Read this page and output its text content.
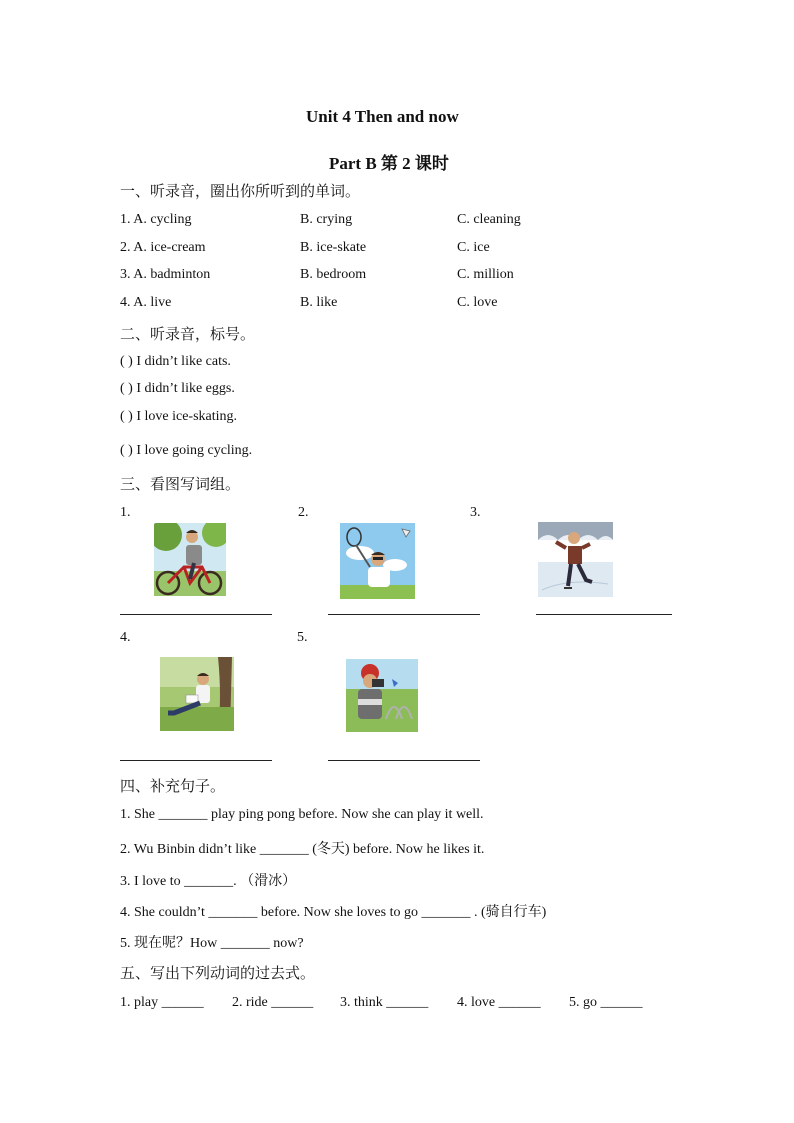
Unit 4 Then and now
Part B 第 2 课时
一、听录音，圈出你所听到的单词。
1. A. cycling	B. crying	C. cleaning
2. A. ice-cream	B. ice-skate	C. ice
3. A. badminton	B. bedroom	C. million
4. A. live	B. like	C. love
二、听录音，标号。
( ) I didn’t like cats.
( ) I didn’t like eggs.
( ) I love ice-skating.
( ) I love going cycling.
三、看图写词组。
1.	2.	3.
4.	5.
四、补充句子。
1. She _______ play ping pong before. Now she can play it well.
2. Wu Binbin didn’t like _______ (冬天) before. Now he likes it.
3. I love to _______. （滑冰）
4. She couldn’t _______ before. Now she loves to go _______ . (骑自行车)
5. 现在呢？How _______ now?
五、写出下列动词的过去式。
1. play ______ 2. ride ______ 3. think ______ 4. love ______ 5. go ______
